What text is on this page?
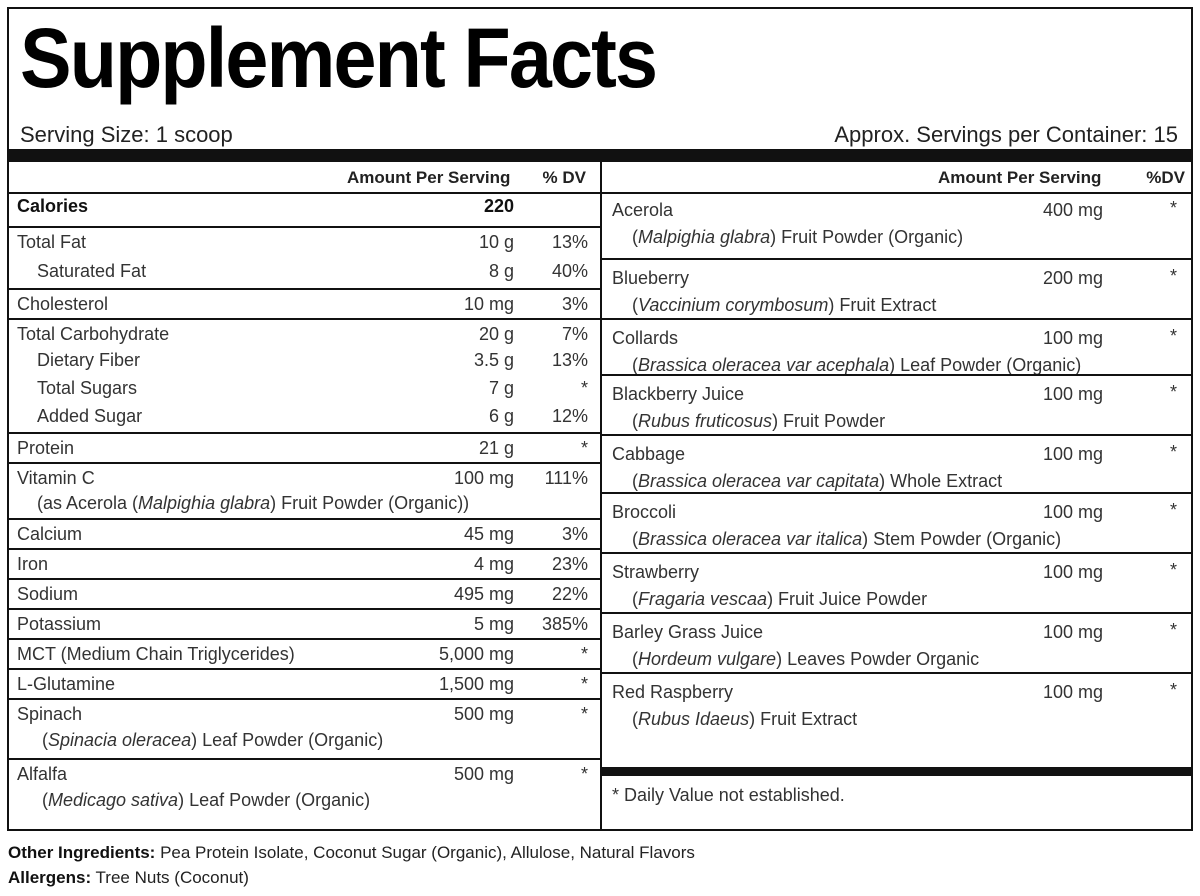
Supplement Facts
Serving Size: 1 scoop	Approx. Servings per Container: 15
Amount Per Serving % DV
Calories	220
Total Fat	10 g 13%
Saturated Fat	8 g 40%
Cholesterol	10 mg	3%
Total Carbohydrate	20 g	7%
Dietary Fiber	3.5 g 13%
Total Sugars	7 g	*
Added Sugar	6 g 12%
Protein	21 g	*
Vitamin C	100 mg 111%
(as Acerola (Malpighia glabra) Fruit Powder (Organic))
Calcium	45 mg	3%
Iron	4 mg 23%
Sodium	495 mg 22%
Potassium	5 mg 385%
MCT (Medium Chain Triglycerides)	5,000 mg	*
L-Glutamine	1,500 mg	*
Spinach	500 mg	*
(Spinacia oleracea) Leaf Powder (Organic)
Alfalfa	500 mg	*
(Medicago sativa) Leaf Powder (Organic)
Amount Per Serving	%DV
Acerola	400 mg	*
(Malpighia glabra) Fruit Powder (Organic)
Blueberry	200 mg	*
(Vaccinium corymbosum) Fruit Extract
Collards	100 mg	*
(Brassica oleracea var acephala) Leaf Powder (Organic)
Blackberry Juice	100 mg	*
(Rubus fruticosus) Fruit Powder
Cabbage	100 mg	*
(Brassica oleracea var capitata) Whole Extract
Broccoli	100 mg	*
(Brassica oleracea var italica) Stem Powder (Organic)
Strawberry	100 mg	*
(Fragaria vescaa) Fruit Juice Powder
Barley Grass Juice	100 mg	*
(Hordeum vulgare) Leaves Powder Organic
Red Raspberry	100 mg	*
(Rubus Idaeus) Fruit Extract
* Daily Value not established.
Other Ingredients: Pea Protein Isolate, Coconut Sugar (Organic), Allulose, Natural Flavors
Allergens: Tree Nuts (Coconut)
